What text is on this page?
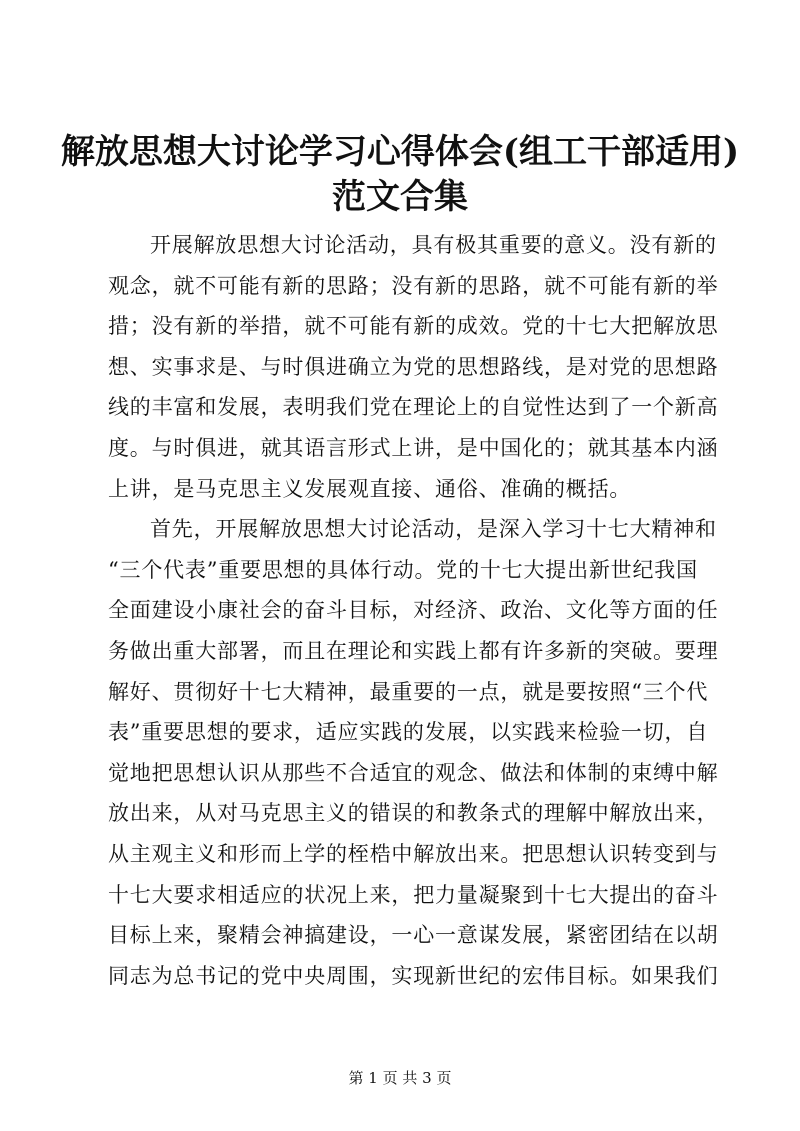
解放思想大讨论学习心得体会(组工干部适用)
范文合集
开展解放思想大讨论活动，具有极其重要的意义。没有新的
观念，就不可能有新的思路；没有新的思路，就不可能有新的举
措；没有新的举措，就不可能有新的成效。党的十七大把解放思
想、实事求是、与时俱进确立为党的思想路线，是对党的思想路
线的丰富和发展，表明我们党在理论上的自觉性达到了一个新高
度。与时俱进，就其语言形式上讲，是中国化的；就其基本内涵
上讲，是马克思主义发展观直接、通俗、准确的概括。
首先，开展解放思想大讨论活动，是深入学习十七大精神和
“三个代表”重要思想的具体行动。党的十七大提出新世纪我国
全面建设小康社会的奋斗目标，对经济、政治、文化等方面的任
务做出重大部署，而且在理论和实践上都有许多新的突破。要理
解好、贯彻好十七大精神，最重要的一点，就是要按照“三个代
表”重要思想的要求，适应实践的发展，以实践来检验一切，自
觉地把思想认识从那些不合适宜的观念、做法和体制的束缚中解
放出来，从对马克思主义的错误的和教条式的理解中解放出来，
从主观主义和形而上学的桎梏中解放出来。把思想认识转变到与
十七大要求相适应的状况上来，把力量凝聚到十七大提出的奋斗
目标上来，聚精会神搞建设，一心一意谋发展，紧密团结在以胡
同志为总书记的党中央周围，实现新世纪的宏伟目标。如果我们
第 1 页 共 3 页
